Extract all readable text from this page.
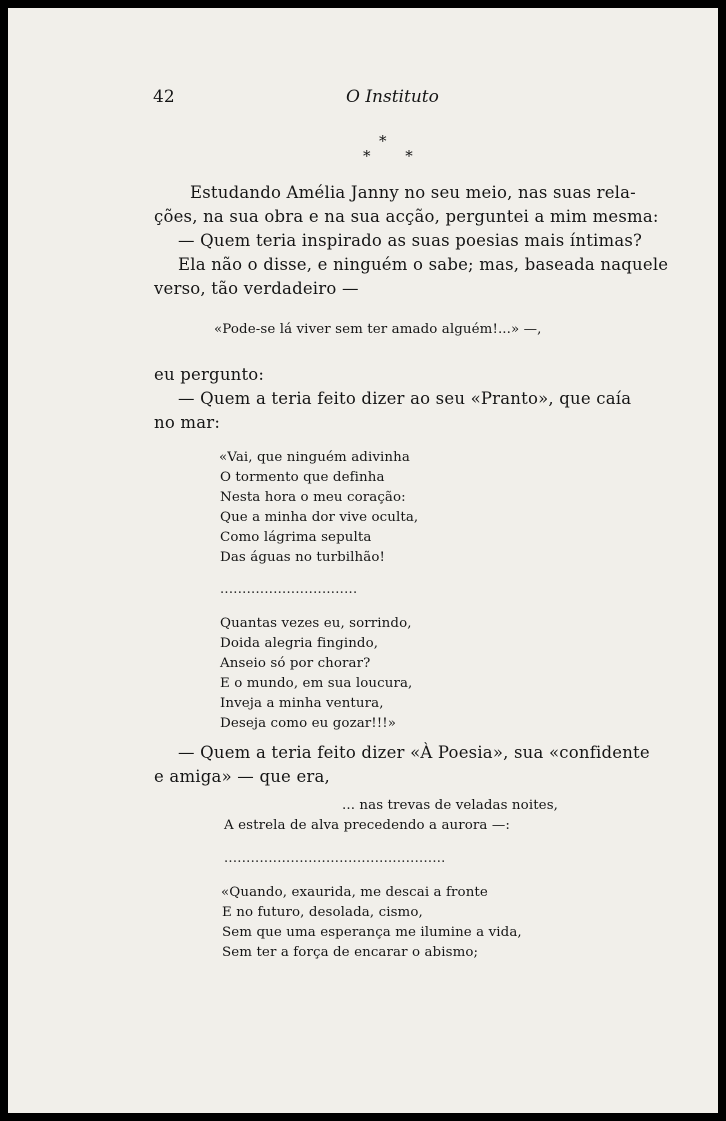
42	O Instituto
*
* *
Estudando Amélia Janny no seu meio, nas suas rela-
ções, na sua obra e na sua acção, perguntei a mim mesma:
— Quem teria inspirado as suas poesias mais íntimas?
Ela não o disse, e ninguém o sabe; mas, baseada naquele
verso, tão verdadeiro —
«Pode-se lá viver sem ter amado alguém!...» —,
eu pergunto:
— Quem a teria feito dizer ao seu «Pranto», que caía
no mar:
«Vai, que ninguém adivinha
O tormento que definha
Nesta hora o meu coração:
Que a minha dor vive oculta,
Como lágrima sepulta
Das águas no turbilhão!
...............................
Quantas vezes eu, sorrindo,
Doida alegria fingindo,
Anseio só por chorar?
E o mundo, em sua loucura,
Inveja a minha ventura,
Deseja como eu gozar!!!»
— Quem a teria feito dizer «À Poesia», sua «confidente
e amiga» — que era,
... nas trevas de veladas noites,
A estrela de alva precedendo a aurora —:
..................................................
«Quando, exaurida, me descai a fronte
E no futuro, desolada, cismo,
Sem que uma esperança me ilumine a vida,
Sem ter a força de encarar o abismo;
